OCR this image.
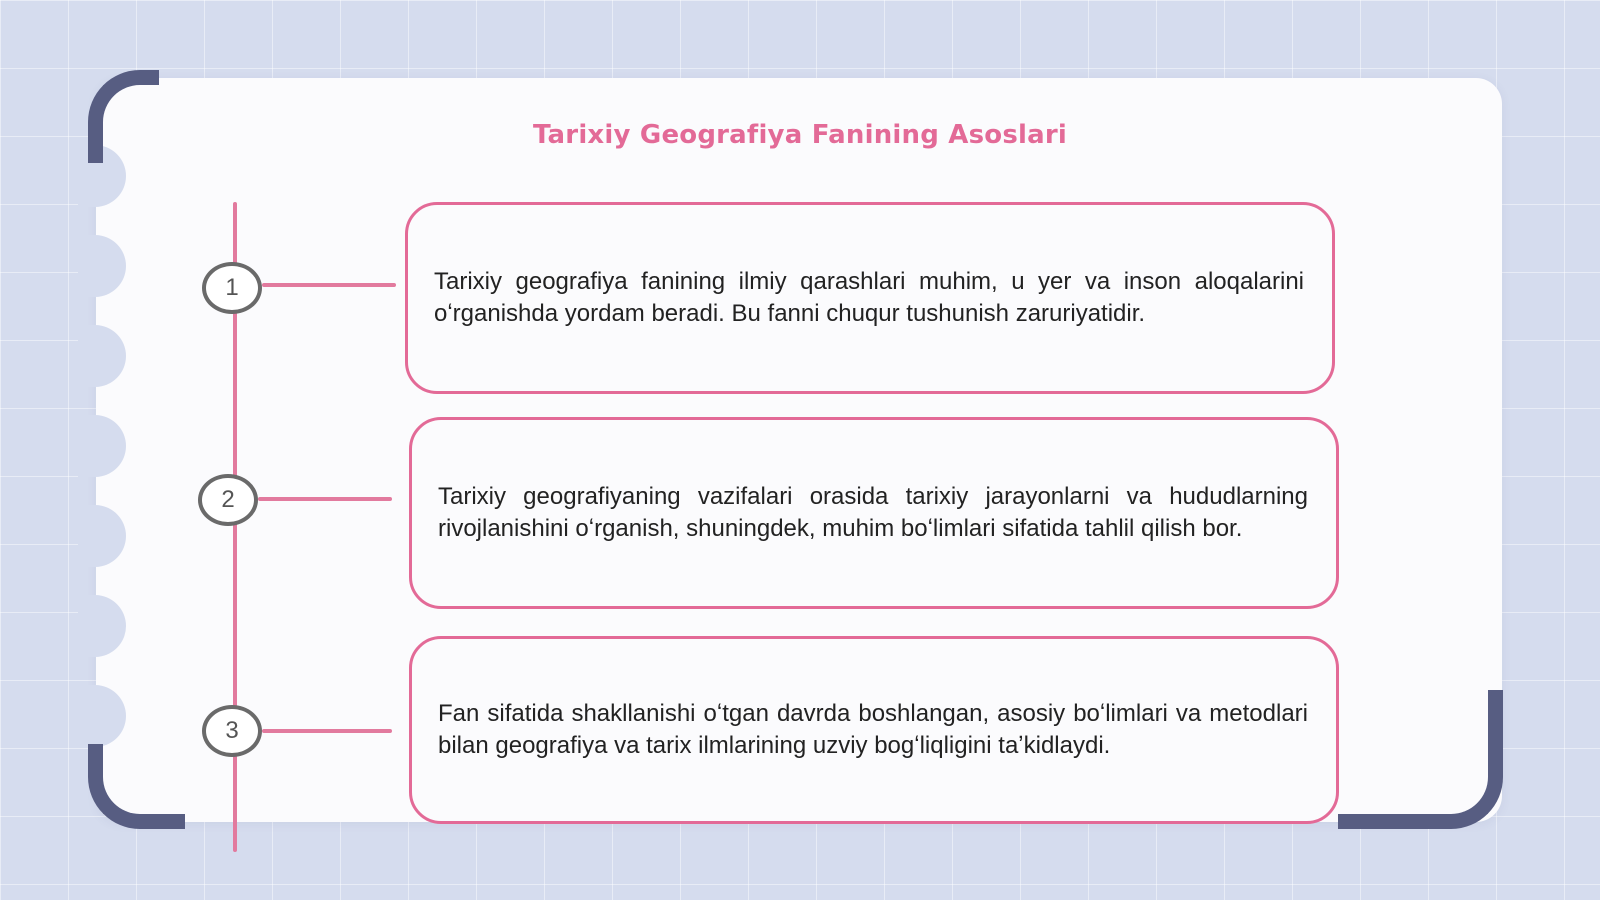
Tarixiy Geografiya Fanining Asoslari
1
2
3
Tarixiy geografiya fanining ilmiy qarashlari muhim, u yer va inson aloqalarini oʻrganishda yordam beradi. Bu fanni chuqur tushunish zaruriyatidir.
Tarixiy geografiyaning vazifalari orasida tarixiy jarayonlarni va hududlarning rivojlanishini oʻrganish, shuningdek, muhim boʻlimlari sifatida tahlil qilish bor.
Fan sifatida shakllanishi oʻtgan davrda boshlangan, asosiy boʻlimlari va metodlari bilan geografiya va tarix ilmlarining uzviy bogʻliqligini taʼkidlaydi.
